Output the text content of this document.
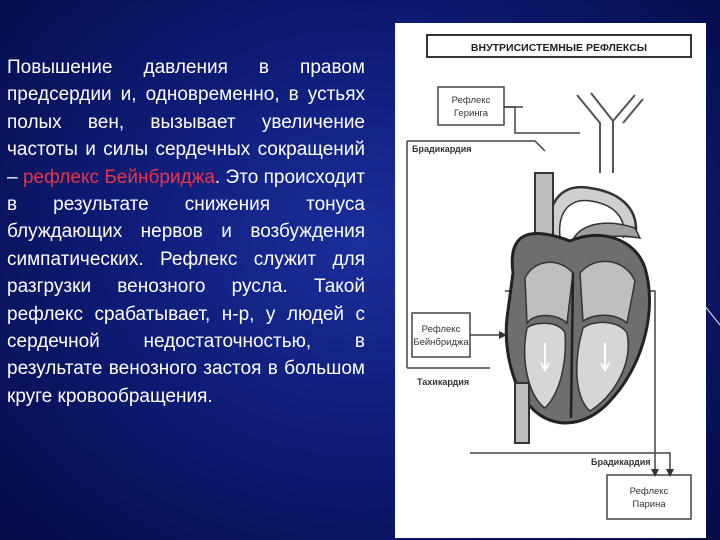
Повышение давления в правом предсердии и, одновременно, в устьях полых вен, вызывает увеличение частоты и силы сердечных сокращений – рефлекс Бейнбриджа. Это происходит в результате снижения тонуса блуждающих нервов и возбуждения симпатических. Рефлекс служит для разгрузки венозного русла. Такой рефлекс срабатывает, н-р, у людей с сердечной недостаточностью, в результате венозного застоя в большом круге кровообращения.
ВНУТРИСИСТЕМНЫЕ РЕФЛЕКСЫ
Рефлекс
Геринга
Брадикардия
Рефлекс
Бейнбриджа
Тахикардия
Брадикардия
Рефлекс
Парина
